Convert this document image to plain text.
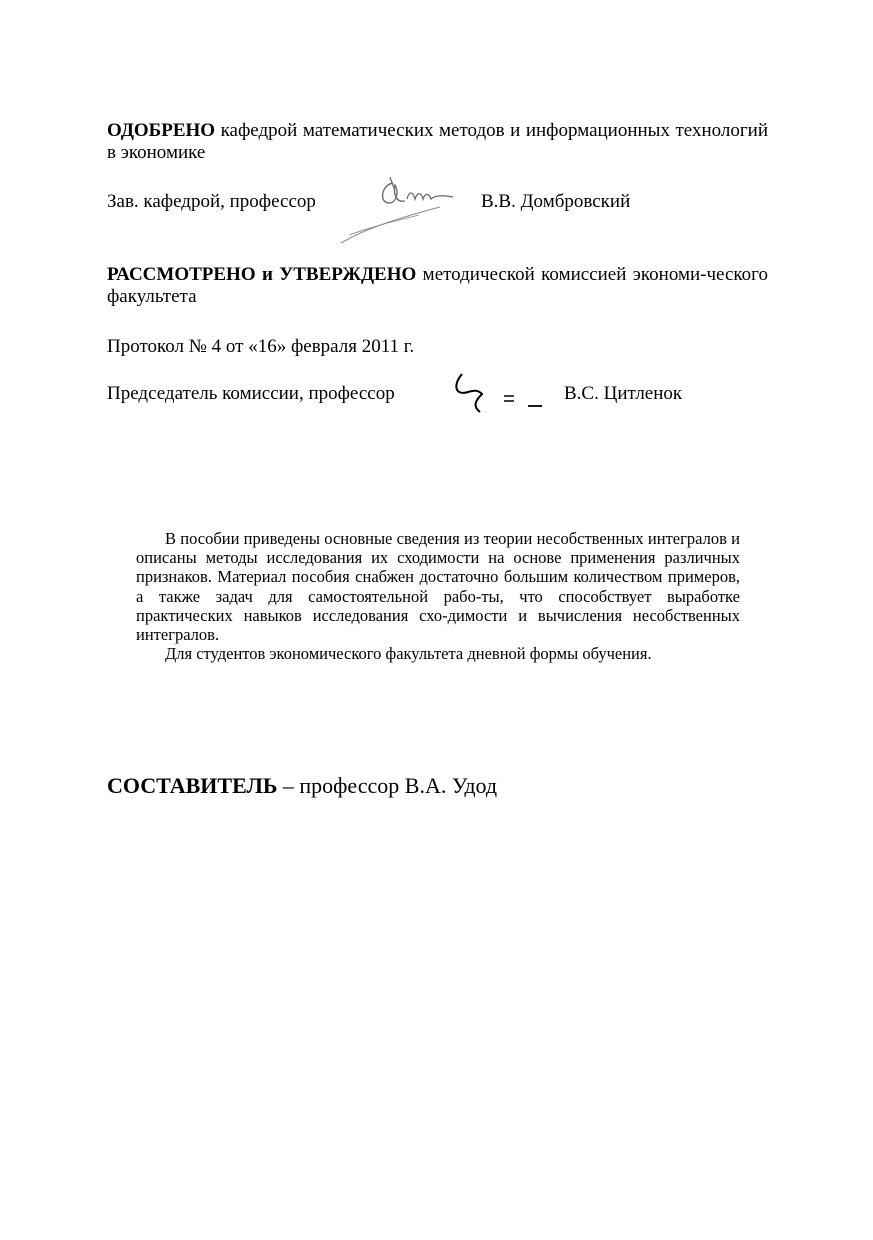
ОДОБРЕНО кафедрой математических методов и информационных технологий в экономике
Зав. кафедрой, профессор	В.В. Домбровский
РАССМОТРЕНО и УТВЕРЖДЕНО методической комиссией экономи-ческого факультета
Протокол № 4 от «16» февраля 2011 г.
Председатель комиссии, профессор	В.С. Цитленок

В пособии приведены основные сведения из теории несобственных интегралов и описаны методы исследования их сходимости на основе применения различных признаков. Материал пособия снабжен достаточно большим количеством примеров, а также задач для самостоятельной рабо-ты, что способствует выработке практических навыков исследования схо-димости и вычисления несобственных интегралов.

Для студентов экономического факультета дневной формы обучения.

СОСТАВИТЕЛЬ – профессор В.А. Удод
